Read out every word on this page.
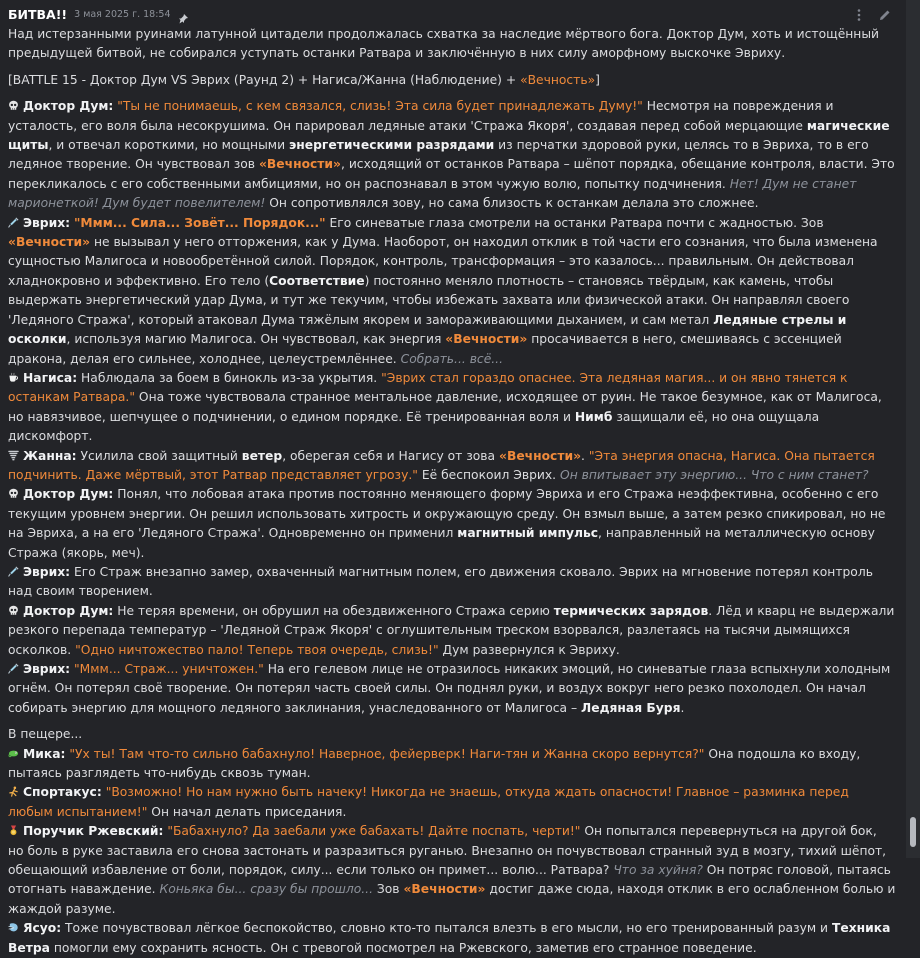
БИТВА!! 3 мая 2025 г. 18:54

Над истерзанными руинами латунной цитадели продолжалась схватка за наследие мёртвого бога. Доктор Дум, хоть и истощённый предыдущей битвой, не собирался уступать останки Ратвара и заключённую в них силу аморфному выскочке Эвриху.

[BATTLE 15 - Доктор Дум VS Эврих (Раунд 2) + Нагиса/Жанна (Наблюдение) + «Вечность»]

Доктор Дум: "Ты не понимаешь, с кем связался, слизь! Эта сила будет принадлежать Думу!" Несмотря на повреждения и усталость, его воля была несокрушима. Он парировал ледяные атаки 'Стража Якоря', создавая перед собой мерцающие магические щиты, и отвечал короткими, но мощными энергетическими разрядами из перчатки здоровой руки, целясь то в Эвриха, то в его ледяное творение. Он чувствовал зов «Вечности», исходящий от останков Ратвара – шёпот порядка, обещание контроля, власти. Это перекликалось с его собственными амбициями, но он распознавал в этом чужую волю, попытку подчинения. Нет! Дум не станет марионеткой! Дум будет повелителем! Он сопротивлялся зову, но сама близость к останкам делала это сложнее.

Эврих: "Ммм... Сила... Зовёт... Порядок..." Его синеватые глаза смотрели на останки Ратвара почти с жадностью. Зов «Вечности» не вызывал у него отторжения, как у Дума. Наоборот, он находил отклик в той части его сознания, что была изменена сущностью Малигоса и новообретённой силой. Порядок, контроль, трансформация – это казалось... правильным. Он действовал хладнокровно и эффективно. Его тело (Соответствие) постоянно меняло плотность – становясь твёрдым, как камень, чтобы выдержать энергетический удар Дума, и тут же текучим, чтобы избежать захвата или физической атаки. Он направлял своего 'Ледяного Стража', который атаковал Дума тяжёлым якорем и замораживающими дыханием, и сам метал Ледяные стрелы и осколки, используя магию Малигоса. Он чувствовал, как энергия «Вечности» просачивается в него, смешиваясь с эссенцией дракона, делая его сильнее, холоднее, целеустремлённее. Собрать... всё...

Нагиса: Наблюдала за боем в бинокль из-за укрытия. "Эврих стал гораздо опаснее. Эта ледяная магия... и он явно тянется к останкам Ратвара." Она тоже чувствовала странное ментальное давление, исходящее от руин. Не такое безумное, как от Малигоса, но навязчивое, шепчущее о подчинении, о едином порядке. Её тренированная воля и Нимб защищали её, но она ощущала дискомфорт.

Жанна: Усилила свой защитный ветер, оберегая себя и Нагису от зова «Вечности». "Эта энергия опасна, Нагиса. Она пытается подчинить. Даже мёртвый, этот Ратвар представляет угрозу." Её беспокоил Эврих. Он впитывает эту энергию... Что с ним станет?

Доктор Дум: Понял, что лобовая атака против постоянно меняющего форму Эвриха и его Стража неэффективна, особенно с его текущим уровнем энергии. Он решил использовать хитрость и окружающую среду. Он взмыл выше, а затем резко спикировал, но не на Эвриха, а на его 'Ледяного Стража'. Одновременно он применил магнитный импульс, направленный на металлическую основу Стража (якорь, меч).

Эврих: Его Страж внезапно замер, охваченный магнитным полем, его движения сковало. Эврих на мгновение потерял контроль над своим творением.

Доктор Дум: Не теряя времени, он обрушил на обездвиженного Стража серию термических зарядов. Лёд и кварц не выдержали резкого перепада температур – 'Ледяной Страж Якоря' с оглушительным треском взорвался, разлетаясь на тысячи дымящихся осколков. "Одно ничтожество пало! Теперь твоя очередь, слизь!" Дум развернулся к Эвриху.

Эврих: "Ммм... Страж... уничтожен." На его гелевом лице не отразилось никаких эмоций, но синеватые глаза вспыхнули холодным огнём. Он потерял своё творение. Он потерял часть своей силы. Он поднял руки, и воздух вокруг него резко похолодел. Он начал собирать энергию для мощного ледяного заклинания, унаследованного от Малигоса – Ледяная Буря.

В пещере...

Мика: "Ух ты! Там что-то сильно бабахнуло! Наверное, фейерверк! Наги-тян и Жанна скоро вернутся?" Она подошла ко входу, пытаясь разглядеть что-нибудь сквозь туман.

Спортакус: "Возможно! Но нам нужно быть начеку! Никогда не знаешь, откуда ждать опасности! Главное – разминка перед любым испытанием!" Он начал делать приседания.

Поручик Ржевский: "Бабахнуло? Да заебали уже бабахать! Дайте поспать, черти!" Он попытался перевернуться на другой бок, но боль в руке заставила его снова застонать и разразиться руганью. Внезапно он почувствовал странный зуд в мозгу, тихий шёпот, обещающий избавление от боли, порядок, силу... если только он примет... волю... Ратвара? Что за хуйня? Он потряс головой, пытаясь отогнать наваждение. Коньяка бы... сразу бы прошло... Зов «Вечности» достиг даже сюда, находя отклик в его ослабленном болью и жаждой разуме.

Ясуо: Тоже почувствовал лёгкое беспокойство, словно кто-то пытался влезть в его мысли, но его тренированный разум и Техника Ветра помогли ему сохранить ясность. Он с тревогой посмотрел на Ржевского, заметив его странное поведение.
